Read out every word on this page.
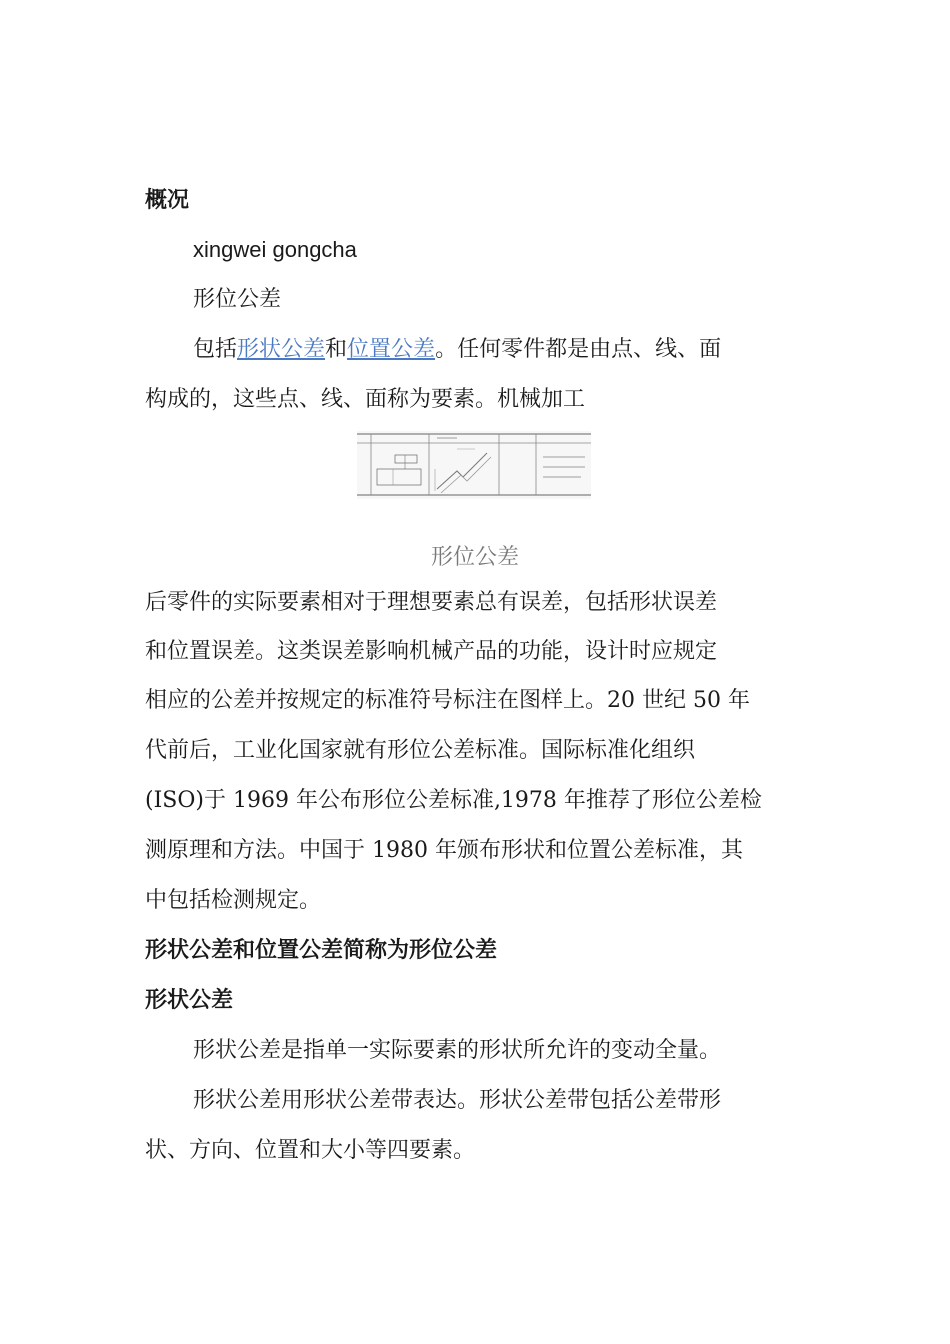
概况
xingwei gongcha
形位公差
包括形状公差和位置公差。任何零件都是由点、线、面
构成的，这些点、线、面称为要素。机械加工
形位公差
后零件的实际要素相对于理想要素总有误差，包括形状误差
和位置误差。这类误差影响机械产品的功能，设计时应规定
相应的公差并按规定的标准符号标注在图样上。20 世纪 50 年
代前后，工业化国家就有形位公差标准。国际标准化组织
(ISO)于 1969 年公布形位公差标准,1978 年推荐了形位公差检
测原理和方法。中国于 1980 年颁布形状和位置公差标准，其
中包括检测规定。
形状公差和位置公差简称为形位公差
形状公差
形状公差是指单一实际要素的形状所允许的变动全量。
形状公差用形状公差带表达。形状公差带包括公差带形
状、方向、位置和大小等四要素。
